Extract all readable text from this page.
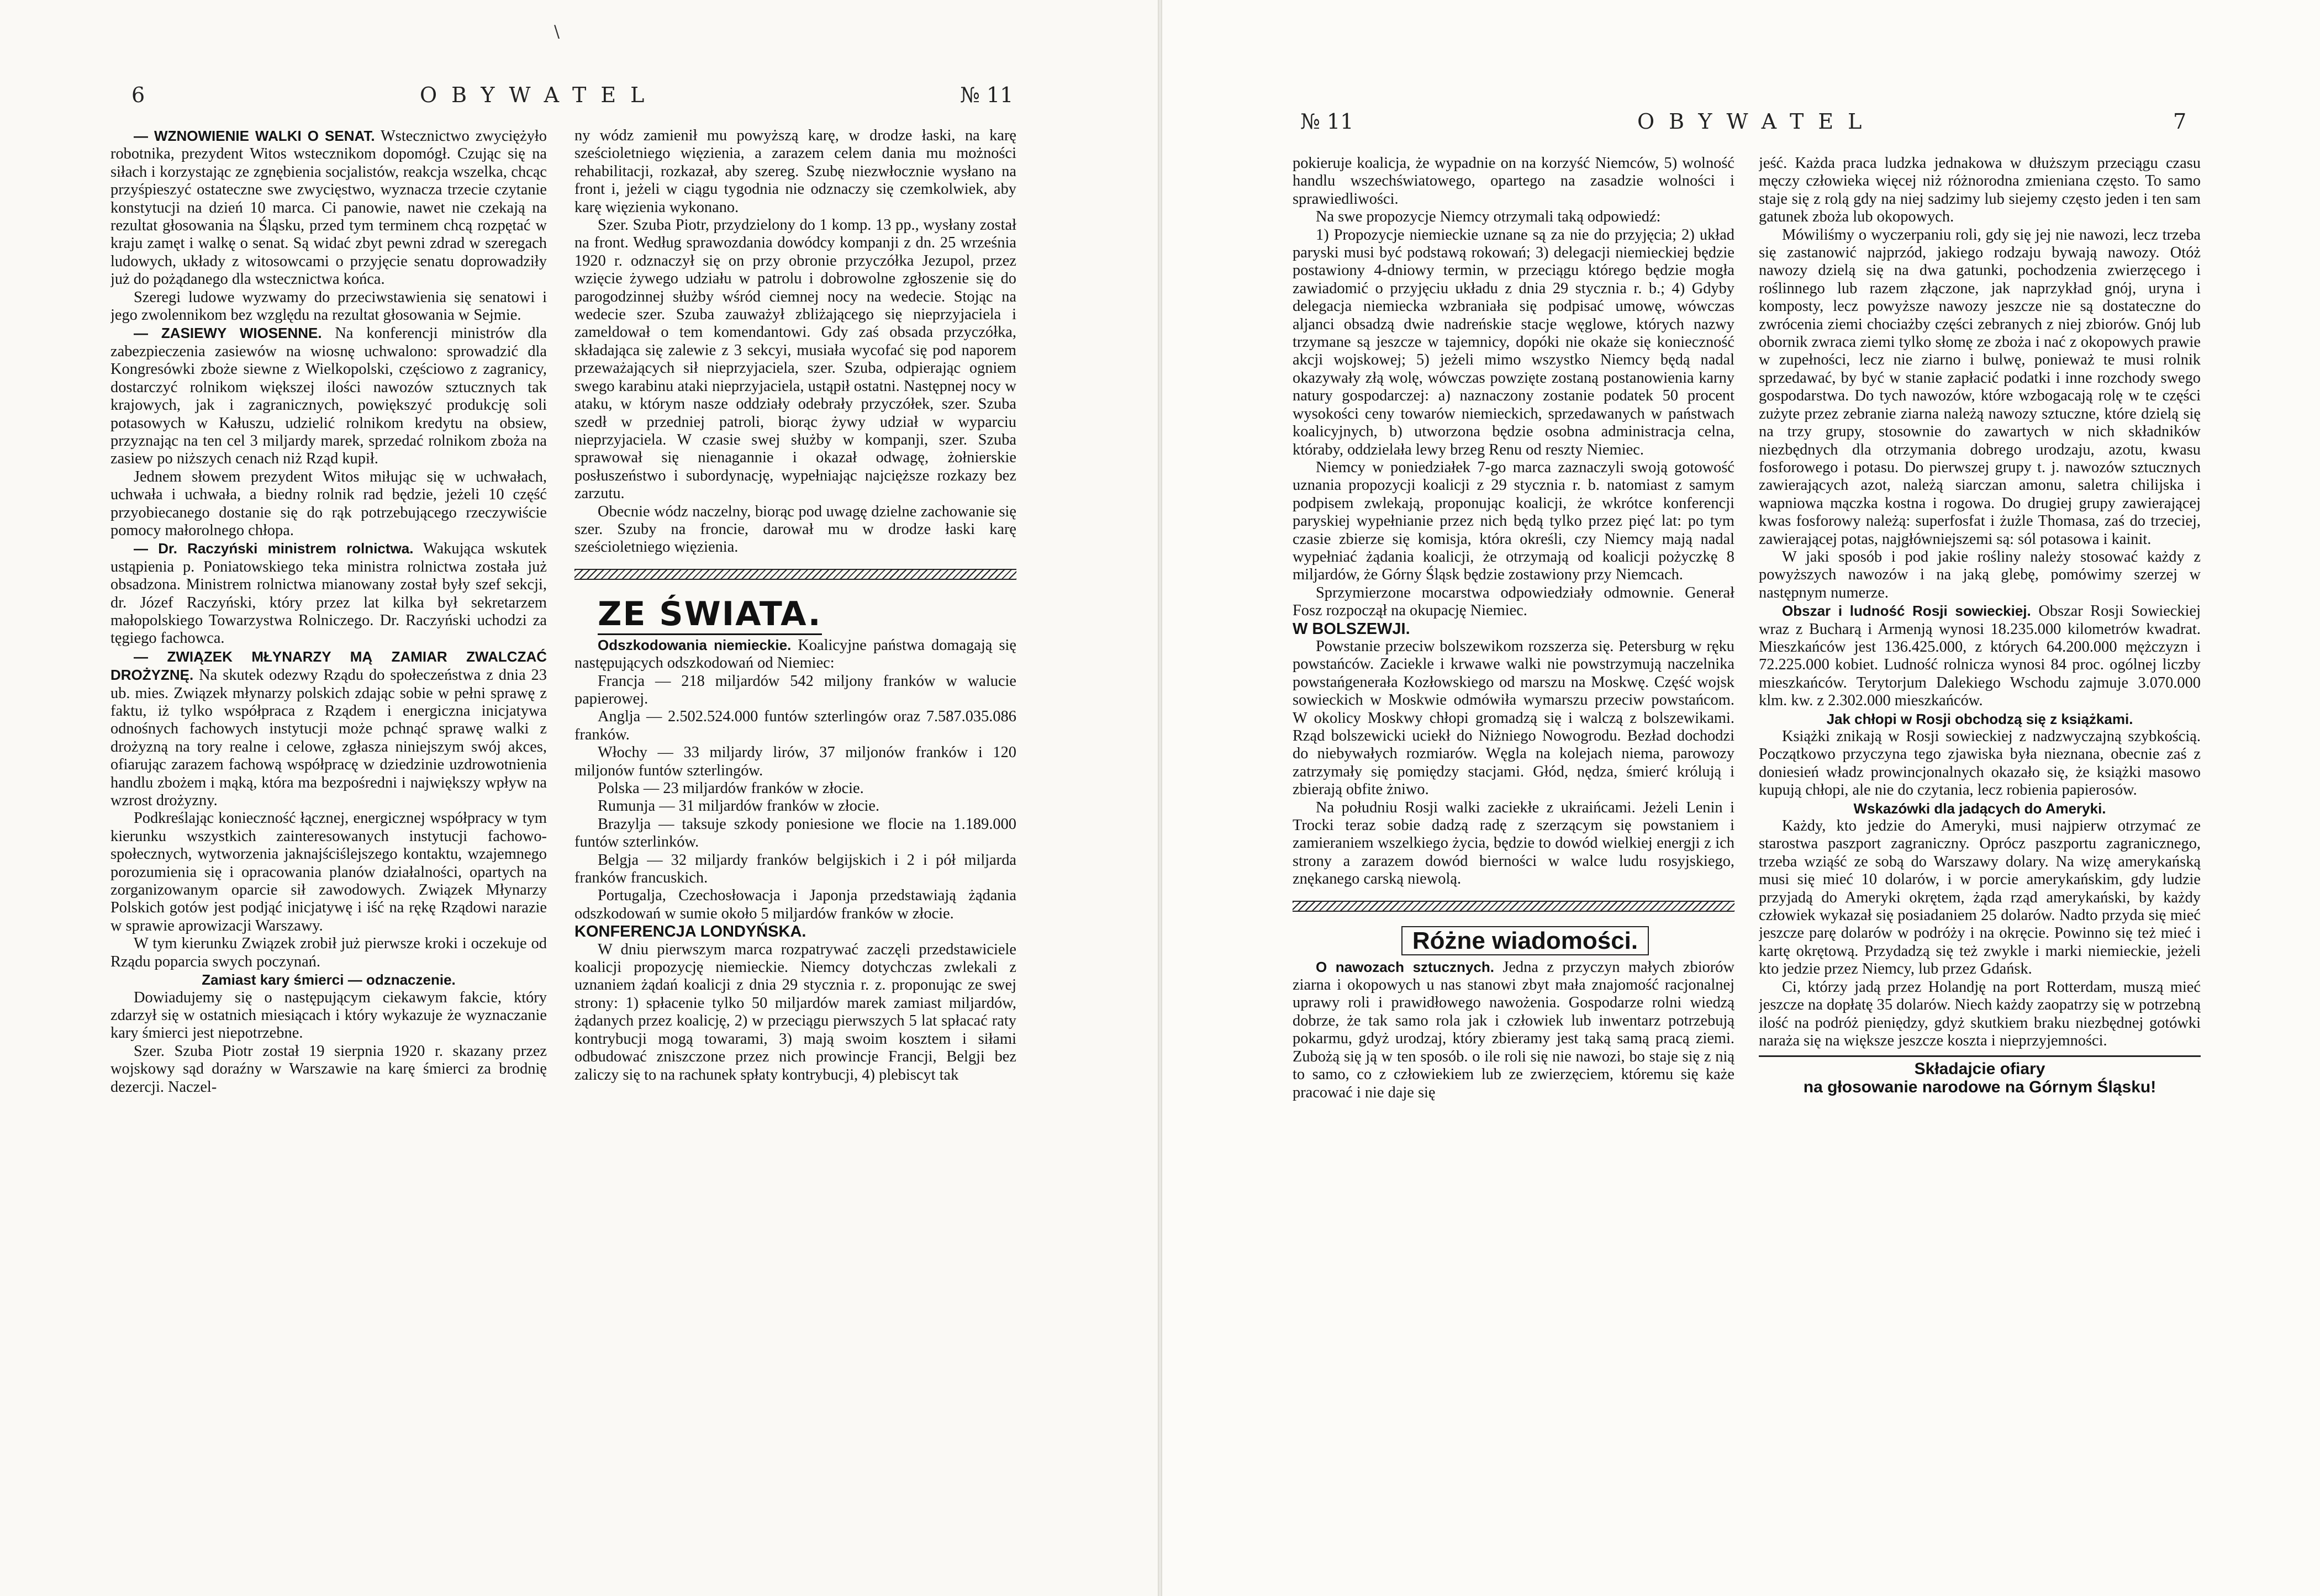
6	OBYWATEL	№ 11

— WZNOWIENIE WALKI O SENAT. Wstecznictwo zwyciężyło robotnika, prezydent Witos wstecznikom dopomógł. Czując się na siłach i korzystając ze zgnębienia socjalistów, reakcja wszelka, chcąc przyśpieszyć ostateczne swe zwycięstwo, wyznacza trzecie czytanie konstytucji na dzień 10 marca. Ci panowie, nawet nie czekają na rezultat głosowania na Śląsku, przed tym terminem chcą rozpętać w kraju zamęt i walkę o senat. Są widać zbyt pewni zdrad w szeregach ludowych, układy z witosowcami o przyjęcie senatu doprowadziły już do pożądanego dla wstecznictwa końca.

Szeregi ludowe wyzwamy do przeciwstawienia się senatowi i jego zwolennikom bez względu na rezultat głosowania w Sejmie.

— ZASIEWY WIOSENNE. Na konferencji ministrów dla zabezpieczenia zasiewów na wiosnę uchwalono: sprowadzić dla Kongresówki zboże siewne z Wielkopolski, częściowo z zagranicy, dostarczyć rolnikom większej ilości nawozów sztucznych tak krajowych, jak i zagranicznych, powiększyć produkcję soli potasowych w Kałuszu, udzielić rolnikom kredytu na obsiew, przyznając na ten cel 3 miljardy marek, sprzedać rolnikom zboża na zasiew po niższych cenach niż Rząd kupił.

Jednem słowem prezydent Witos miłując się w uchwałach, uchwała i uchwała, a biedny rolnik rad będzie, jeżeli 10 część przyobiecanego dostanie się do rąk potrzebującego rzeczywiście pomocy małorolnego chłopa.

— Dr. Raczyński ministrem rolnictwa. Wakująca wskutek ustąpienia p. Poniatowskiego teka ministra rolnictwa została już obsadzona. Ministrem rolnictwa mianowany został były szef sekcji, dr. Józef Raczyński, który przez lat kilka był sekretarzem małopolskiego Towarzystwa Rolniczego. Dr. Raczyński uchodzi za tęgiego fachowca.

— ZWIĄZEK MŁYNARZY MĄ ZAMIAR ZWALCZAĆ DROŻYZNĘ. Na skutek odezwy Rządu do społeczeństwa z dnia 23 ub. mies. Związek młynarzy polskich zdając sobie w pełni sprawę z faktu, iż tylko współpraca z Rządem i energiczna inicjatywa odnośnych fachowych instytucji może pchnąć sprawę walki z drożyzną na tory realne i celowe, zgłasza niniejszym swój akces, ofiarując zarazem fachową współpracę w dziedzinie uzdrowotnienia handlu zbożem i mąką, która ma bezpośredni i największy wpływ na wzrost drożyzny.

Podkreślając konieczność łącznej, energicznej współpracy w tym kierunku wszystkich zainteresowanych instytucji fachowo-społecznych, wytworzenia jaknajściślejszego kontaktu, wzajemnego porozumienia się i opracowania planów działalności, opartych na zorganizowanym oparcie sił zawodowych. Związek Młynarzy Polskich gotów jest podjąć inicjatywę i iść na rękę Rządowi narazie w sprawie aprowizacji Warszawy.

W tym kierunku Związek zrobił już pierwsze kroki i oczekuje od Rządu poparcia swych poczynań.

Zamiast kary śmierci — odznaczenie.

Dowiadujemy się o następującym ciekawym fakcie, który zdarzył się w ostatnich miesiącach i który wykazuje że wyznaczanie kary śmierci jest niepotrzebne.

Szer. Szuba Piotr został 19 sierpnia 1920 r. skazany przez wojskowy sąd doraźny w Warszawie na karę śmierci za brodnię dezercji. Naczel-

ny wódz zamienił mu powyższą karę, w drodze łaski, na karę sześcioletniego więzienia, a zarazem celem dania mu możności rehabilitacji, rozkazał, aby szereg. Szubę niezwłocznie wysłano na front i, jeżeli w ciągu tygodnia nie odznaczy się czemkolwiek, aby karę więzienia wykonano.

Szer. Szuba Piotr, przydzielony do 1 komp. 13 pp., wysłany został na front. Według sprawozdania dowódcy kompanji z dn. 25 września 1920 r. odznaczył się on przy obronie przyczółka Jezupol, przez wzięcie żywego udziału w patrolu i dobrowolne zgłoszenie się do parogodzinnej służby wśród ciemnej nocy na wedecie. Stojąc na wedecie szer. Szuba zauważył zbliżającego się nieprzyjaciela i zameldował o tem komendantowi. Gdy zaś obsada przyczółka, składająca się zalewie z 3 sekcyi, musiała wycofać się pod naporem przeważających sił nieprzyjaciela, szer. Szuba, odpierając ogniem swego karabinu ataki nieprzyjaciela, ustąpił ostatni. Następnej nocy w ataku, w którym nasze oddziały odebrały przyczółek, szer. Szuba szedł w przedniej patroli, biorąc żywy udział w wyparciu nieprzyjaciela. W czasie swej służby w kompanji, szer. Szuba sprawował się nienagannie i okazał odwagę, żołnierskie posłuszeństwo i subordynację, wypełniając najcięższe rozkazy bez zarzutu.

Obecnie wódz naczelny, biorąc pod uwagę dzielne zachowanie się szer. Szuby na froncie, darował mu w drodze łaski karę sześcioletniego więzienia.

ZE ŚWIATA.

Odszkodowania niemieckie. Koalicyjne państwa domagają się następujących odszkodowań od Niemiec:

Francja — 218 miljardów 542 miljony franków w walucie papierowej.

Anglja — 2.502.524.000 funtów szterlingów oraz 7.587.035.086 franków.

Włochy — 33 miljardy lirów, 37 miljonów franków i 120 miljonów funtów szterlingów.

Polska — 23 miljardów franków w złocie.

Rumunja — 31 miljardów franków w złocie.

Brazylja — taksuje szkody poniesione we flocie na 1.189.000 funtów szterlinków.

Belgja — 32 miljardy franków belgijskich i 2 i pół miljarda franków francuskich.

Portugalja, Czechosłowacja i Japonja przedstawiają żądania odszkodowań w sumie około 5 miljardów franków w złocie.

KONFERENCJA LONDYŃSKA.

W dniu pierwszym marca rozpatrywać zaczęli przedstawiciele koalicji propozycję niemieckie. Niemcy dotychczas zwlekali z uznaniem żądań koalicji z dnia 29 stycznia r. z. proponując ze swej strony: 1) spłacenie tylko 50 miljardów marek zamiast miljardów, żądanych przez koalicję, 2) w przeciągu pierwszych 5 lat spłacać raty kontrybucji mogą towarami, 3) mają swoim kosztem i siłami odbudować zniszczone przez nich prowincje Francji, Belgji bez zaliczy się to na rachunek spłaty kontrybucji, 4) plebiscyt tak

\
№ 11	OBYWATEL	7

pokieruje koalicja, że wypadnie on na korzyść Niemców, 5) wolność handlu wszechświatowego, opartego na zasadzie wolności i sprawiedliwości.

Na swe propozycje Niemcy otrzymali taką odpowiedź:

1) Propozycje niemieckie uznane są za nie do przyjęcia; 2) układ paryski musi być podstawą rokowań; 3) delegacji niemieckiej będzie postawiony 4-dniowy termin, w przeciągu którego będzie mogła zawiadomić o przyjęciu układu z dnia 29 stycznia r. b.; 4) Gdyby delegacja niemiecka wzbraniała się podpisać umowę, wówczas aljanci obsadzą dwie nadreńskie stacje węglowe, których nazwy trzymane są jeszcze w tajemnicy, dopóki nie okaże się konieczność akcji wojskowej; 5) jeżeli mimo wszystko Niemcy będą nadal okazywały złą wolę, wówczas powzięte zostaną postanowienia karny natury gospodarczej: a) naznaczony zostanie podatek 50 procent wysokości ceny towarów niemieckich, sprzedawanych w państwach koalicyjnych, b) utworzona będzie osobna administracja celna, któraby, oddzielała lewy brzeg Renu od reszty Niemiec.

Niemcy w poniedziałek 7-go marca zaznaczyli swoją gotowość uznania propozycji koalicji z 29 stycznia r. b. natomiast z samym podpisem zwlekają, proponując koalicji, że wkrótce konferencji paryskiej wypełnianie przez nich będą tylko przez pięć lat: po tym czasie zbierze się komisja, która określi, czy Niemcy mają nadal wypełniać żądania koalicji, że otrzymają od koalicji pożyczkę 8 miljardów, że Górny Śląsk będzie zostawiony przy Niemcach.

Sprzymierzone mocarstwa odpowiedziały odmownie. Generał Fosz rozpoczął na okupację Niemiec.

W BOLSZEWJI.

Powstanie przeciw bolszewikom rozszerza się. Petersburg w ręku powstańców. Zacieklе i krwawe walki nie powstrzymują naczelnika powstańgenerała Kozłowskiego od marszu na Moskwę. Część wojsk sowieckich w Moskwie odmówiła wymarszu przeciw powstańcom. W okolicy Moskwy chłopi gromadzą się i walczą z bolszewikami. Rząd bolszewicki uciekł do Niżniego Nowogrodu. Bezład dochodzi do niebywałych rozmiarów. Węgla na kolejach niema, parowozy zatrzymały się pomiędzy stacjami. Głód, nędza, śmierć królują i zbierają obfite żniwo.

Na południu Rosji walki zaciekłe z ukraińcami. Jeżeli Lenin i Trocki teraz sobie dadzą radę z szerzącym się powstaniem i zamieraniem wszelkiego życia, będzie to dowód wielkiej energji z ich strony a zarazem dowód bierności w walce ludu rosyjskiego, znękanego carską niewolą.

Różne wiadomości.

O nawozach sztucznych. Jedna z przyczyn małych zbiorów ziarna i okopowych u nas stanowi zbyt mała znajomość racjonalnej uprawy roli i prawidłowego nawożenia. Gospodarze rolni wiedzą dobrze, że tak samo rola jak i człowiek lub inwentarz potrzebują pokarmu, gdyż urodzaj, który zbieramy jest taką samą pracą ziemi. Zubożą się ją w ten sposób. o ile roli się nie nawozi, bo staje się z nią to samo, co z człowiekiem lub ze zwierzęciem, któremu się każe pracować i nie daje się

jeść. Każda praca ludzka jednakowa w dłuższym przeciągu czasu męczy człowieka więcej niż różnorodna zmieniana często. To samo staje się z rolą gdy na niej sadzimy lub siejemy często jeden i ten sam gatunek zboża lub okopowych.

Mówiliśmy o wyczerpaniu roli, gdy się jej nie nawozi, lecz trzeba się zastanowić najprzód, jakiego rodzaju bywają nawozy. Otóż nawozy dzielą się na dwa gatunki, pochodzenia zwierzęcego i roślinnego lub razem złączone, jak naprzykład gnój, uryna i komposty, lecz powyższe nawozy jeszcze nie są dostateczne do zwrócenia ziemi chociażby części zebranych z niej zbiorów. Gnój lub obornik zwraca ziemi tylko słomę ze zboża i nać z okopowych prawie w zupełności, lecz nie ziarno i bulwę, ponieważ te musi rolnik sprzedawać, by być w stanie zapłacić podatki i inne rozchody swego gospodarstwa. Do tych nawozów, które wzbogacają rolę w te części zużyte przez zebranie ziarna należą nawozy sztuczne, które dzielą się na trzy grupy, stosownie do zawartych w nich składników niezbędnych dla otrzymania dobrego urodzaju, azotu, kwasu fosforowego i potasu. Do pierwszej grupy t. j. nawozów sztucznych zawierających azot, należą siarczan amonu, saletra chilijska i wapniowa mączka kostna i rogowa. Do drugiej grupy zawierającej kwas fosforowy należą: superfosfat i żużle Thomasa, zaś do trzeciej, zawierającej potas, najgłówniejszemi są: sól potasowa i kainit.

W jaki sposób i pod jakie rośliny należy stosować każdy z powyższych nawozów i na jaką glebę, pomówimy szerzej w następnym numerze.

Obszar i ludność Rosji sowieckiej. Obszar Rosji Sowieckiej wraz z Bucharą i Armenją wynosi 18.235.000 kilometrów kwadrat. Mieszkańców jest 136.425.000, z których 64.200.000 mężczyzn i 72.225.000 kobiet. Ludność rolnicza wynosi 84 proc. ogólnej liczby mieszkańców. Terytorjum Dalekiego Wschodu zajmuje 3.070.000 klm. kw. z 2.302.000 mieszkańców.

Jak chłopi w Rosji obchodzą się z książkami.

Książki znikają w Rosji sowieckiej z nadzwyczajną szybkością. Początkowo przyczyna tego zjawiska była nieznana, obecnie zaś z doniesień władz prowincjonalnych okazało się, że książki masowo kupują chłopi, ale nie do czytania, lecz robienia papierosów.

Wskazówki dla jadących do Ameryki.

Każdy, kto jedzie do Ameryki, musi najpierw otrzymać ze starostwa paszport zagraniczny. Oprócz paszportu zagranicznego, trzeba wziąść ze sobą do Warszawy dolary. Na wizę amerykańską musi się mieć 10 dolarów, i w porcie amerykańskim, gdy ludzie przyjadą do Ameryki okrętem, żąda rząd amerykański, by każdy człowiek wykazał się posiadaniem 25 dolarów. Nadto przyda się mieć jeszcze parę dolarów w podróży i na okręcie. Powinno się też mieć i kartę okrętową. Przydadzą się też zwykle i marki niemieckie, jeżeli kto jedzie przez Niemcy, lub przez Gdańsk.

Ci, którzy jadą przez Holandję na port Rotterdam, muszą mieć jeszcze na dopłatę 35 dolarów. Niech każdy zaopatrzy się w potrzebną ilość na podróż pieniędzy, gdyż skutkiem braku niezbędnej gotówki naraża się na większe jeszcze koszta i nieprzyjemności.

Składajcie ofiary
na głosowanie narodowe na Górnym Śląsku!
